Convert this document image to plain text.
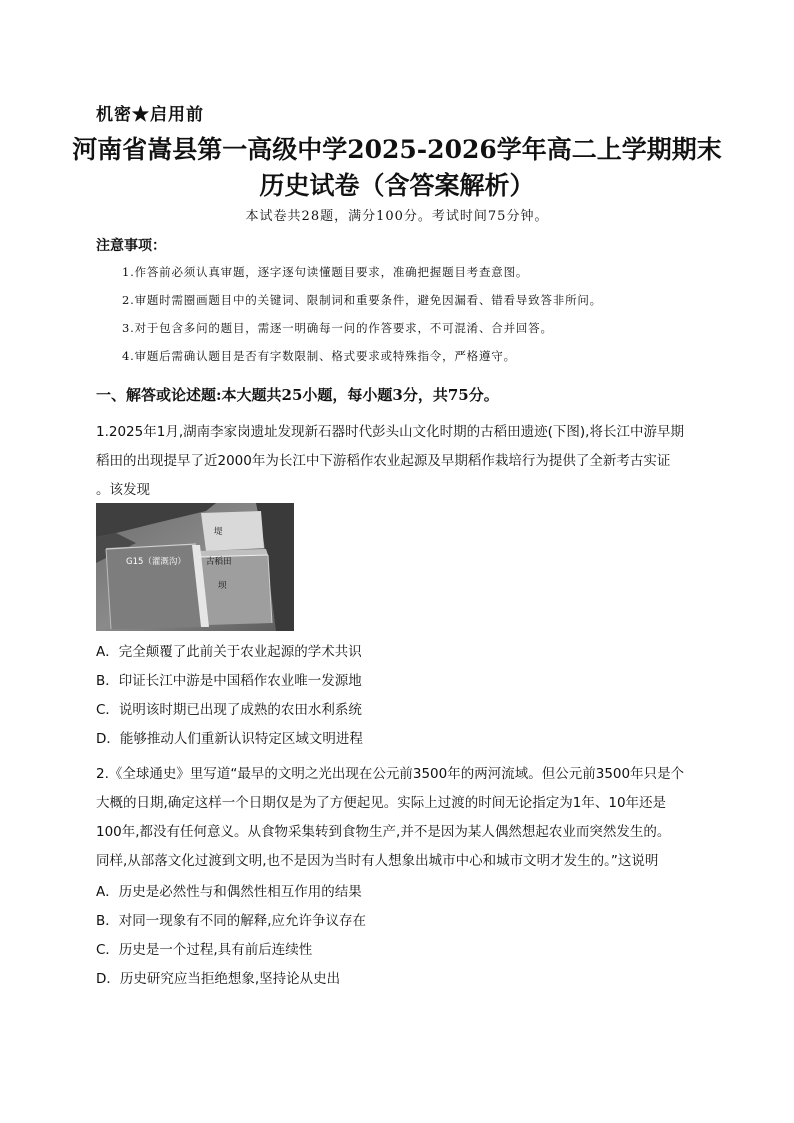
机密★启用前
河南省嵩县第一高级中学2025-2026学年高二上学期期末
历史试卷（含答案解析）
本试卷共28题，满分100分。考试时间75分钟。
注意事项：
1.作答前必须认真审题，逐字逐句读懂题目要求，准确把握题目考查意图。
2.审题时需圈画题目中的关键词、限制词和重要条件，避免因漏看、错看导致答非所问。
3.对于包含多问的题目，需逐一明确每一问的作答要求，不可混淆、合并回答。
4.审题后需确认题目是否有字数限制、格式要求或特殊指令，严格遵守。
一、解答或论述题:本大题共25小题，每小题3分，共75分。
1.2025年1月,湖南李家岗遗址发现新石器时代彭头山文化时期的古稻田遗迹(下图),将长江中游早期
稻田的出现提早了近2000年为长江中下游稻作农业起源及早期稻作栽培行为提供了全新考古实证
。该发现
堤
G15（灌溉沟） 古稻田
坝
A．完全颠覆了此前关于农业起源的学术共识
B．印证长江中游是中国稻作农业唯一发源地
C．说明该时期已出现了成熟的农田水利系统
D．能够推动人们重新认识特定区域文明进程
2.《全球通史》里写道“最早的文明之光出现在公元前3500年的两河流域。但公元前3500年只是个
大概的日期,确定这样一个日期仅是为了方便起见。实际上过渡的时间无论指定为1年、10年还是
100年,都没有任何意义。从食物采集转到食物生产,并不是因为某人偶然想起农业而突然发生的。
同样,从部落文化过渡到文明,也不是因为当时有人想象出城市中心和城市文明才发生的。”这说明
A．历史是必然性与和偶然性相互作用的结果
B．对同一现象有不同的解释,应允许争议存在
C．历史是一个过程,具有前后连续性
D．历史研究应当拒绝想象,坚持论从史出
